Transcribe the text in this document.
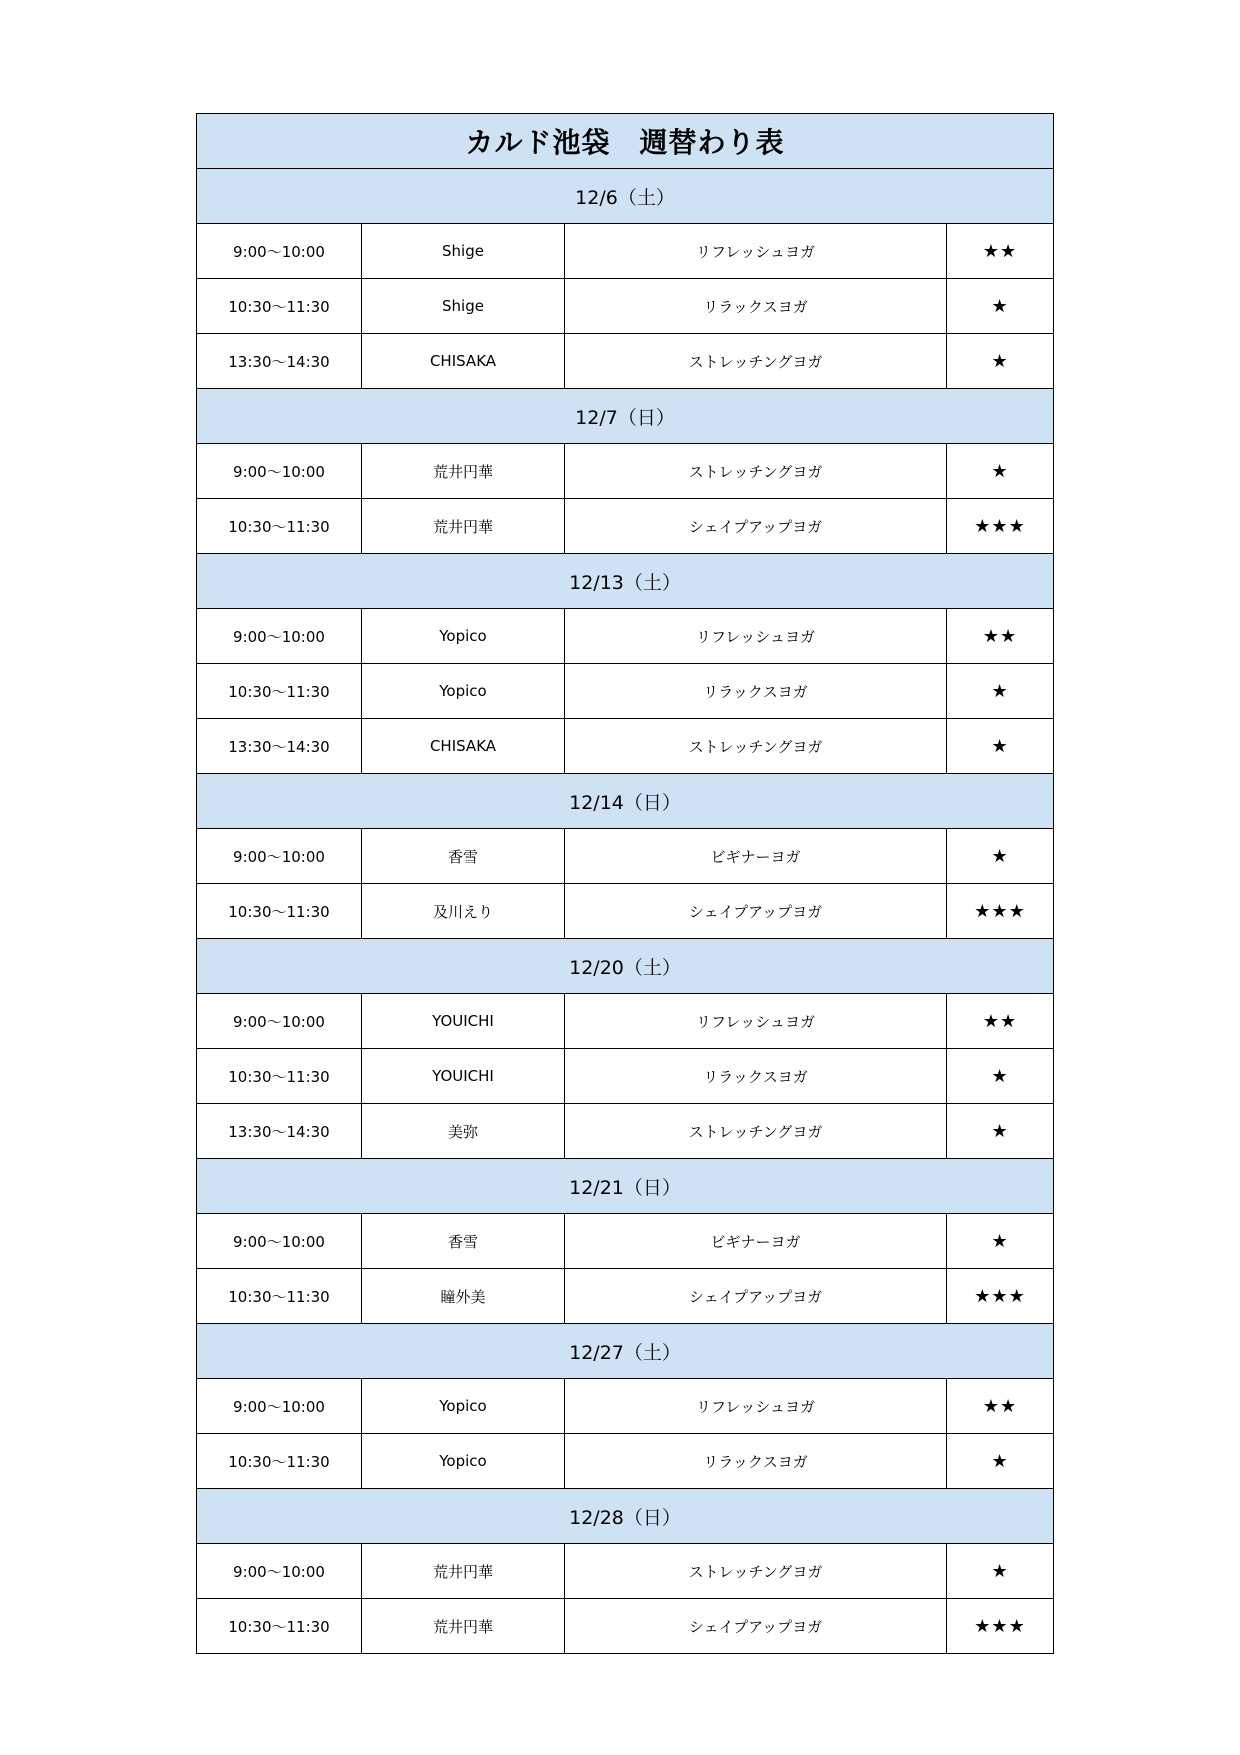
カルド池袋　週替わり表			
12/6（土）			
9:00～10:00	Shige	リフレッシュヨガ	★★
10:30～11:30	Shige	リラックスヨガ	★
13:30～14:30	CHISAKA	ストレッチングヨガ	★
12/7（日）			
9:00～10:00	荒井円華	ストレッチングヨガ	★
10:30～11:30	荒井円華	シェイプアップヨガ	★★★
12/13（土）			
9:00～10:00	Yopico	リフレッシュヨガ	★★
10:30～11:30	Yopico	リラックスヨガ	★
13:30～14:30	CHISAKA	ストレッチングヨガ	★
12/14（日）			
9:00～10:00	香雪	ビギナーヨガ	★
10:30～11:30	及川えり	シェイプアップヨガ	★★★
12/20（土）			
9:00～10:00	YOUICHI	リフレッシュヨガ	★★
10:30～11:30	YOUICHI	リラックスヨガ	★
13:30～14:30	美弥	ストレッチングヨガ	★
12/21（日）			
9:00～10:00	香雪	ビギナーヨガ	★
10:30～11:30	瞳外美	シェイプアップヨガ	★★★
12/27（土）			
9:00～10:00	Yopico	リフレッシュヨガ	★★
10:30～11:30	Yopico	リラックスヨガ	★
12/28（日）			
9:00～10:00	荒井円華	ストレッチングヨガ	★
10:30～11:30	荒井円華	シェイプアップヨガ	★★★
